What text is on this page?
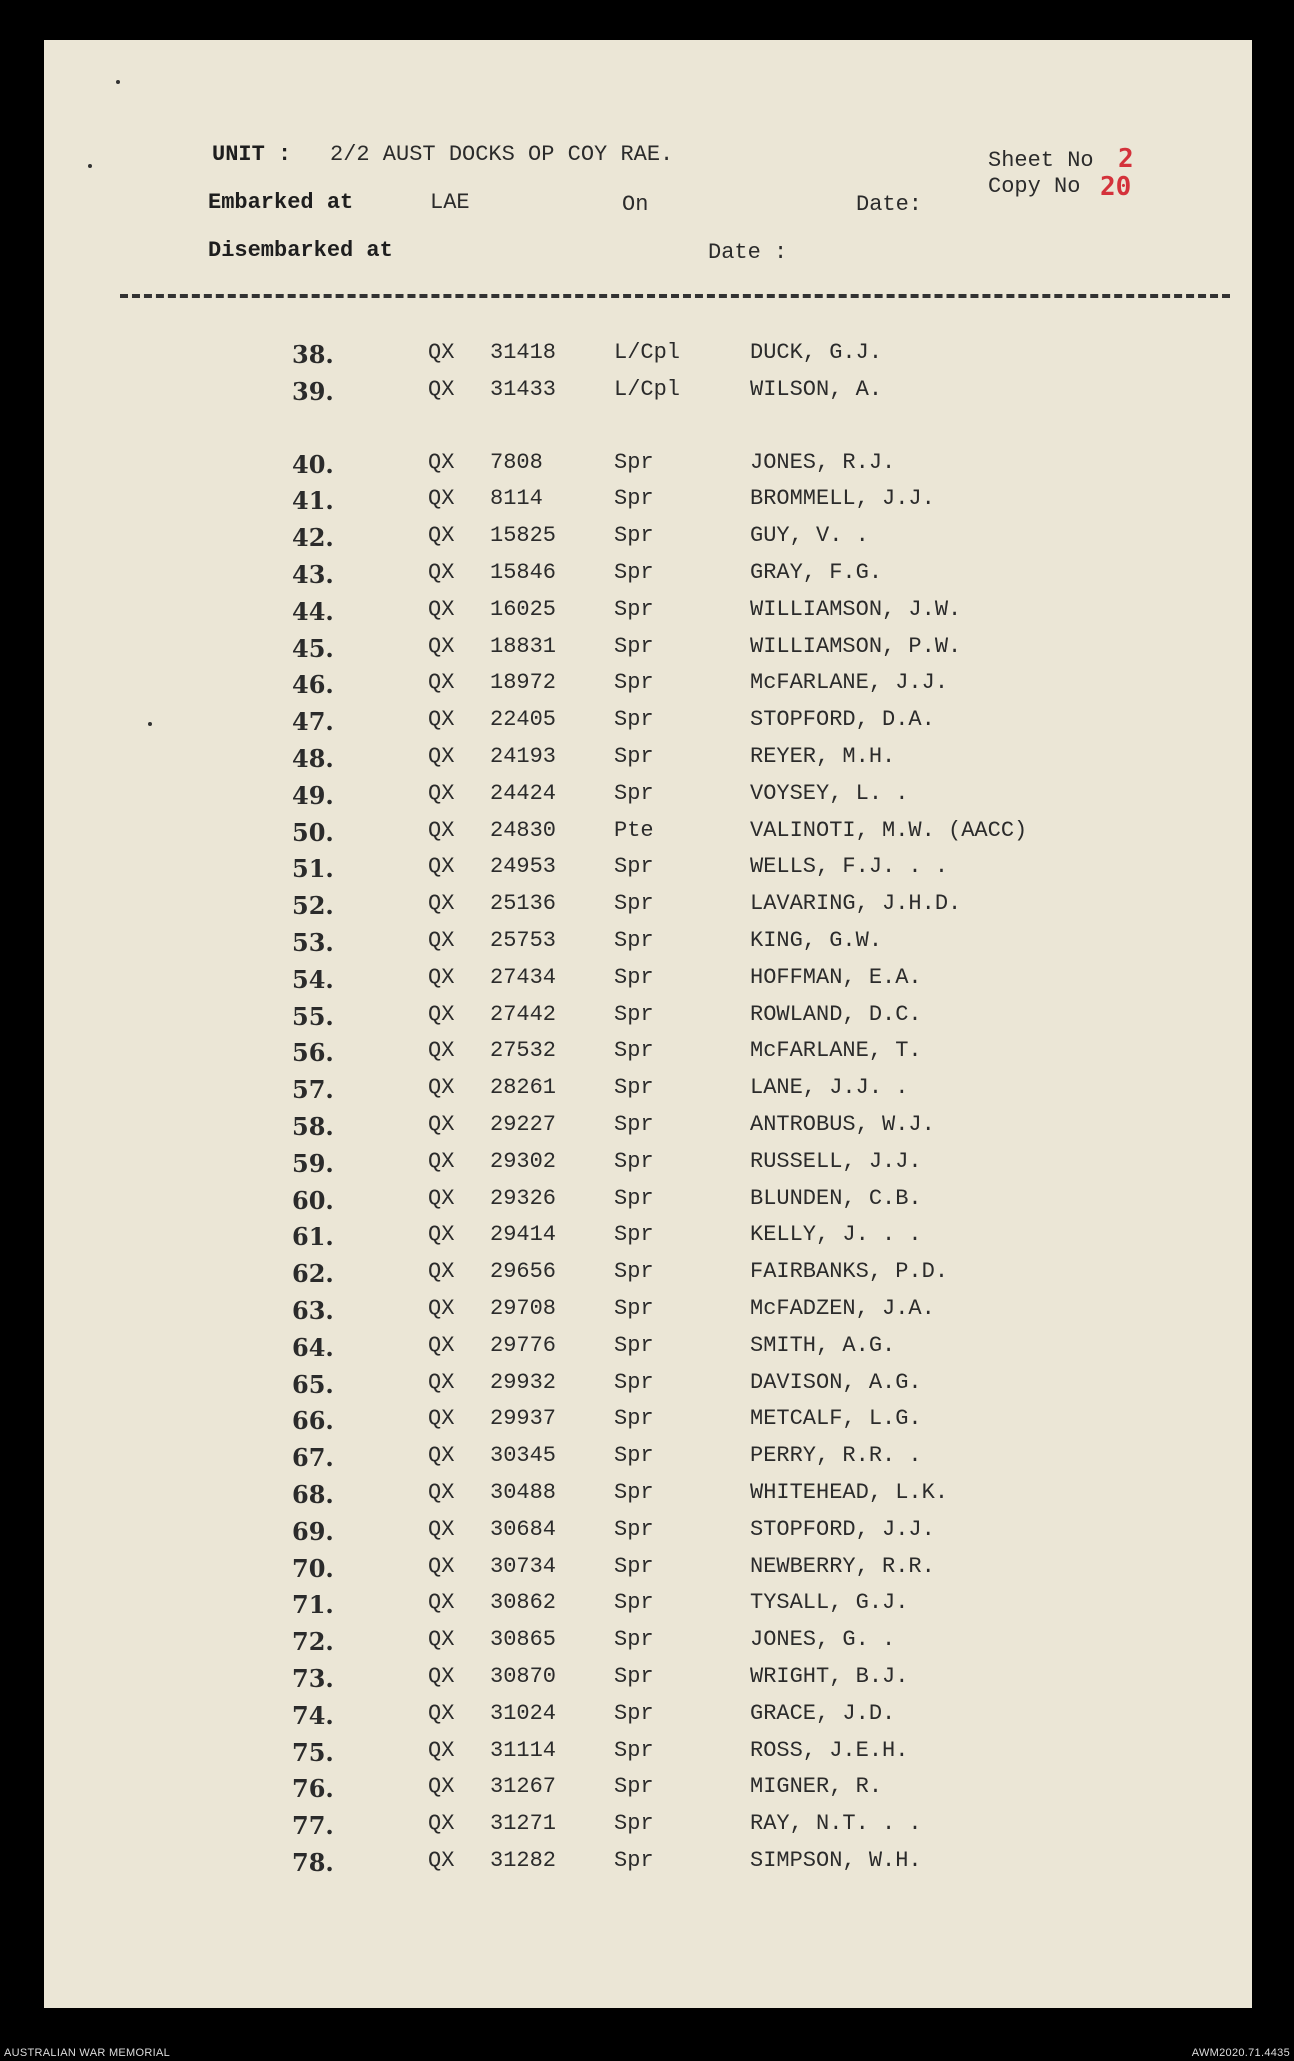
UNIT : 2/2 AUST DOCKS OP COY RAE.
Embarked at	LAE	On	Date:
Disembarked at	Date :
Sheet No 2
Copy No 20
38.	QX 31418	L/Cpl	DUCK, G.J.
39.	QX 31433	L/Cpl	WILSON, A.
40.	QX 7808	Spr	JONES, R.J.
41.	QX 8114	Spr	BROMMELL, J.J.
42.	QX 15825	Spr	GUY, V. .
43.	QX 15846	Spr	GRAY, F.G.
44.	QX 16025	Spr	WILLIAMSON, J.W.
45.	QX 18831	Spr	WILLIAMSON, P.W.
46.	QX 18972	Spr	McFARLANE, J.J.
47.	QX 22405	Spr	STOPFORD, D.A.
48.	QX 24193	Spr	REYER, M.H.
49.	QX 24424	Spr	VOYSEY, L. .
50.	QX 24830	Pte	VALINOTI, M.W. (AACC)
51.	QX 24953	Spr	WELLS, F.J. . .
52.	QX 25136	Spr	LAVARING, J.H.D.
53.	QX 25753	Spr	KING, G.W.
54.	QX 27434	Spr	HOFFMAN, E.A.
55.	QX 27442	Spr	ROWLAND, D.C.
56.	QX 27532	Spr	McFARLANE, T.
57.	QX 28261	Spr	LANE, J.J. .
58.	QX 29227	Spr	ANTROBUS, W.J.
59.	QX 29302	Spr	RUSSELL, J.J.
60.	QX 29326	Spr	BLUNDEN, C.B.
61.	QX 29414	Spr	KELLY, J. . .
62.	QX 29656	Spr	FAIRBANKS, P.D.
63.	QX 29708	Spr	McFADZEN, J.A.
64.	QX 29776	Spr	SMITH, A.G.
65.	QX 29932	Spr	DAVISON, A.G.
66.	QX 29937	Spr	METCALF, L.G.
67.	QX 30345	Spr	PERRY, R.R. .
68.	QX 30488	Spr	WHITEHEAD, L.K.
69.	QX 30684	Spr	STOPFORD, J.J.
70.	QX 30734	Spr	NEWBERRY, R.R.
71.	QX 30862	Spr	TYSALL, G.J.
72.	QX 30865	Spr	JONES, G. .
73.	QX 30870	Spr	WRIGHT, B.J.
74.	QX 31024	Spr	GRACE, J.D.
75.	QX 31114	Spr	ROSS, J.E.H.
76.	QX 31267	Spr	MIGNER, R.
77.	QX 31271	Spr	RAY, N.T. . .
78.	QX 31282	Spr	SIMPSON, W.H.
AUSTRALIAN WAR MEMORIAL	AWM2020.71.4435
